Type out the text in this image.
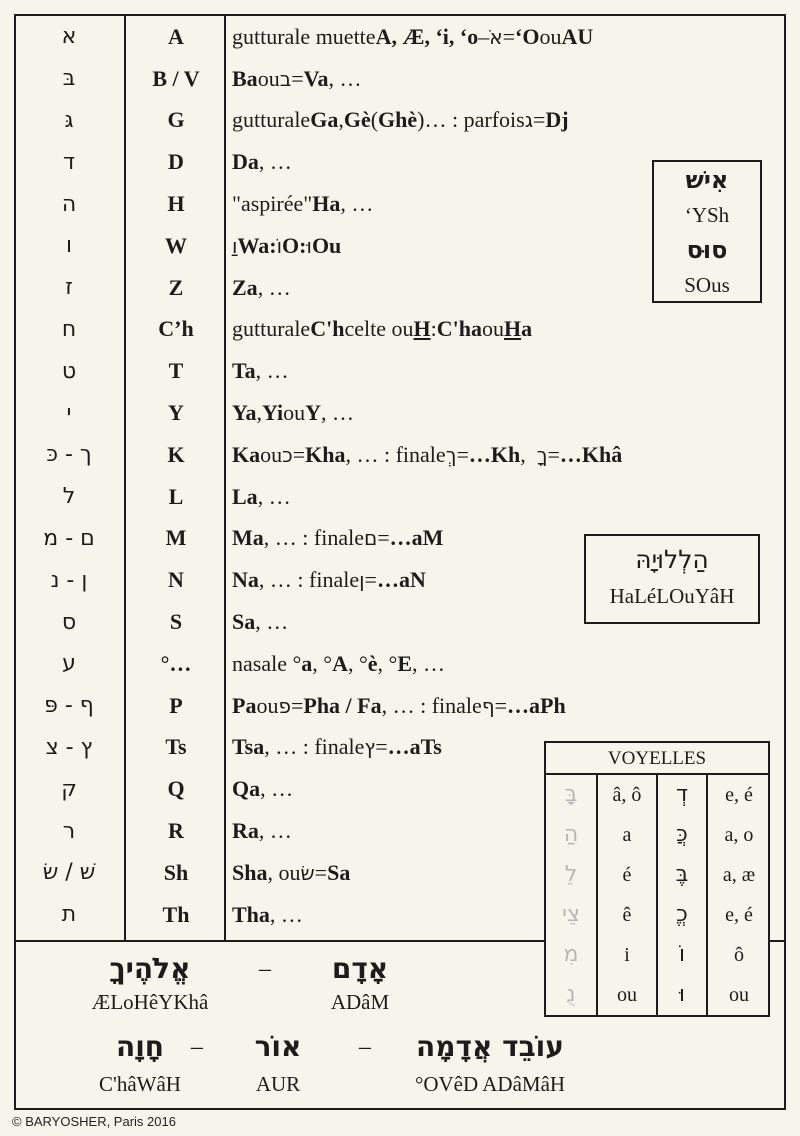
א	A	gutturale muette A, Æ, ‘i, ‘o – אֹ = ‘O ou AU
בּ	B / V	Ba ou ב = Va , …
גּ	G	gutturale Ga , Gè ( Ghè )… : parfois ג = Dj
ד	D	Da , …
ה	H	"aspirée" Ha , …
ו	W	וַ Wa : וֹ O : וּ Ou
ז	Z	Za , …
ח	C’h	gutturale C'h celte ou H : C'ha ou Ha
ט	T	Ta , …
י	Y	Ya , Yi ou Y , …
ך - כּ	K	Ka ou כ = Kha , … : finale ךְ = …Kh , ךָ = …Khâ
ל	L	La , …
ם - מ	M	Ma , … : finale ם = …aM
ן - נ	N	Na , … : finale ן = …aN
ס	S	Sa , …
ע	°…	nasale ° a , ° A , ° è , ° E , …
ף - פּ	P	Pa ou פ = Pha / Fa , … : finale ף = …aPh
ץ - צ	Ts	Tsa , … : finale ץ = …aTs
ק	Q	Qa , …
ר	R	Ra , …
שׁ / שׂ	Sh	Sha , ou שׂ = Sa
ת	Th	Tha , …
אִישׁ
‘YSh
סוּס
SOus
הַלְלוּיָהּ
HaLéLOuYâH
VOYELLES
בָּ	â, ô	דְ	e, é
הַ	a	כֲּ	a, o
לֵ	é	בֶּ	a, æ
צֵי	ê	כֱ	e, é
מִ	i	וֹ	ô
נֻ	ou	וּ	ou
אֱלֹהֶיךָ
ÆLoHêYKhâ
–	אָדָם
ADâM
חָוָה
C'hâWâH
–	אוֹר
AUR
–	עוֹבֵד אֲדָמָה
°OVêD ADâMâH
© BARYOSHER, Paris 2016
